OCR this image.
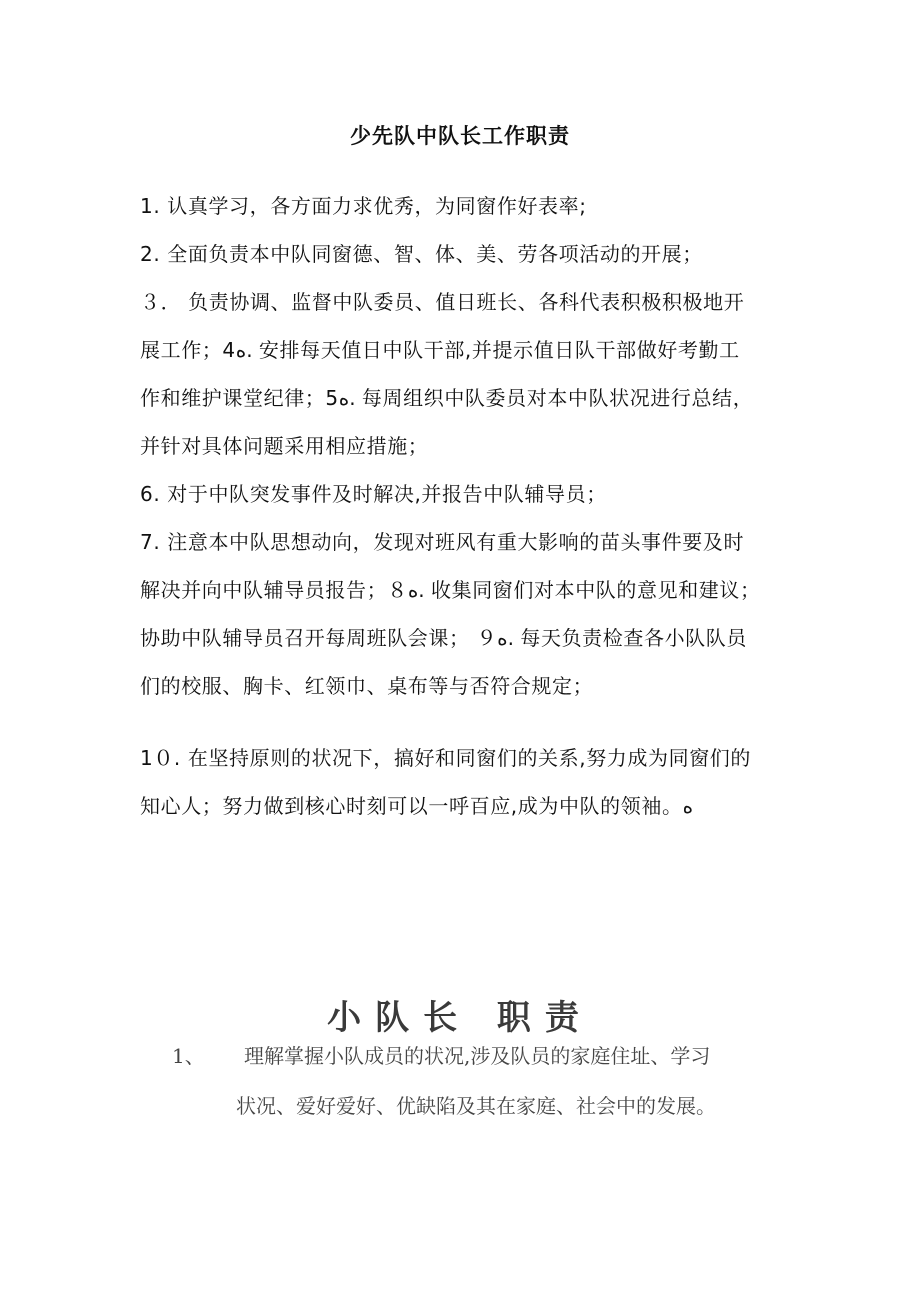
少先队中队长工作职责
1. 认真学习，各方面力求优秀，为同窗作好表率;
2. 全面负责本中队同窗德、智、体、美、劳各项活动的开展；
３． 负责协调、监督中队委员、值日班长、各科代表积极积极地开
展工作；4ﻩ. 安排每天值日中队干部,并提示值日队干部做好考勤工
作和维护课堂纪律；5ﻩ. 每周组织中队委员对本中队状况进行总结，
并针对具体问题采用相应措施；
6. 对于中队突发事件及时解决,并报告中队辅导员；
7. 注意本中队思想动向，发现对班风有重大影响的苗头事件要及时
解决并向中队辅导员报告；８ﻩ. 收集同窗们对本中队的意见和建议；
协助中队辅导员召开每周班队会课； ９ﻩ. 每天负责检查各小队队员
们的校服、胸卡、红领巾、桌布等与否符合规定；
1０. 在坚持原则的状况下，搞好和同窗们的关系,努力成为同窗们的
知心人；努力做到核心时刻可以一呼百应,成为中队的领袖。ﻩ
小队长 职责
1、 理解掌握小队成员的状况,涉及队员的家庭住址、学习
状况、爱好爱好、优缺陷及其在家庭、社会中的发展。
